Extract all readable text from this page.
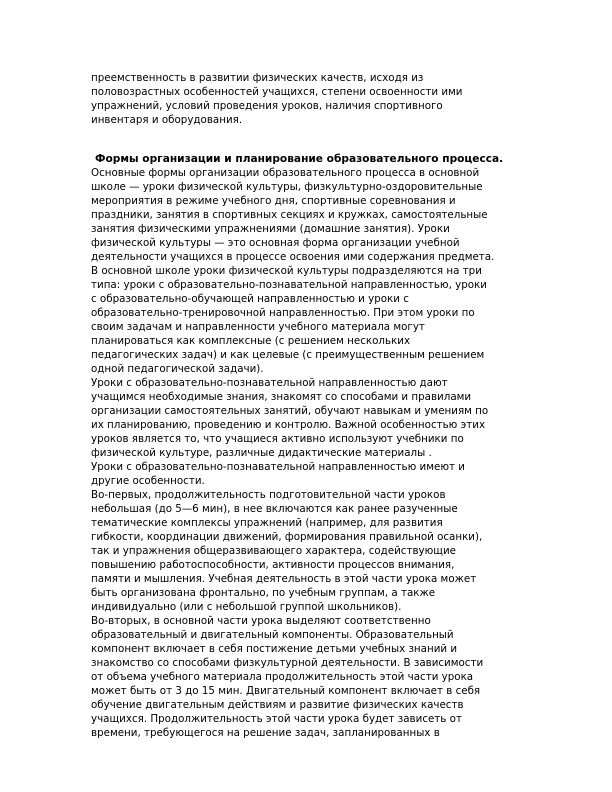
преемственность в развитии физических качеств, исходя из
половозрастных особенностей учащихся, степени освоенности ими
упражнений, условий проведения уроков, наличия спортивного
инвентаря и оборудования.
Формы организации и планирование образовательного процесса.
Основные формы организации образовательного процесса в основной
школе — уроки физической культуры, физкультурно-оздоровительные
мероприятия в режиме учебного дня, спортивные соревнования и
праздники, занятия в спортивных секциях и кружках, самостоятельные
занятия физическими упражнениями (домашние занятия). Уроки
физической культуры — это основная форма организации учебной
деятельности учащихся в процессе освоения ими содержания предмета.
В основной школе уроки физической культуры подразделяются на три
типа: уроки с образовательно-познавательной направленностью, уроки
с образовательно-обучающей направленностью и уроки с
образовательно-тренировочной направленностью. При этом уроки по
своим задачам и направленности учебного материала могут
планироваться как комплексные (с решением нескольких
педагогических задач) и как целевые (с преимущественным решением
одной педагогической задачи).
Уроки с образовательно-познавательной направленностью дают
учащимся необходимые знания, знакомят со способами и правилами
организации самостоятельных занятий, обучают навыкам и умениям по
их планированию, проведению и контролю. Важной особенностью этих
уроков является то, что учащиеся активно используют учебники по
физической культуре, различные дидактические материалы .
Уроки с образовательно-познавательной направленностью имеют и
другие особенности.
Во-первых, продолжительность подготовительной части уроков
небольшая (до 5—6 мин), в нее включаются как ранее разученные
тематические комплексы упражнений (например, для развития
гибкости, координации движений, формирования правильной осанки),
так и упражнения общеразвивающего характера, содействующие
повышению работоспособности, активности процессов внимания,
памяти и мышления. Учебная деятельность в этой части урока может
быть организована фронтально, по учебным группам, а также
индивидуально (или с небольшой группой школьников).
Во-вторых, в основной части урока выделяют соответственно
образовательный и двигательный компоненты. Образовательный
компонент включает в себя постижение детьми учебных знаний и
знакомство со способами физкультурной деятельности. В зависимости
от объема учебного материала продолжительность этой части урока
может быть от 3 до 15 мин. Двигательный компонент включает в себя
обучение двигательным действиям и развитие физических качеств
учащихся. Продолжительность этой части урока будет зависеть от
времени, требующегося на решение задач, запланированных в
